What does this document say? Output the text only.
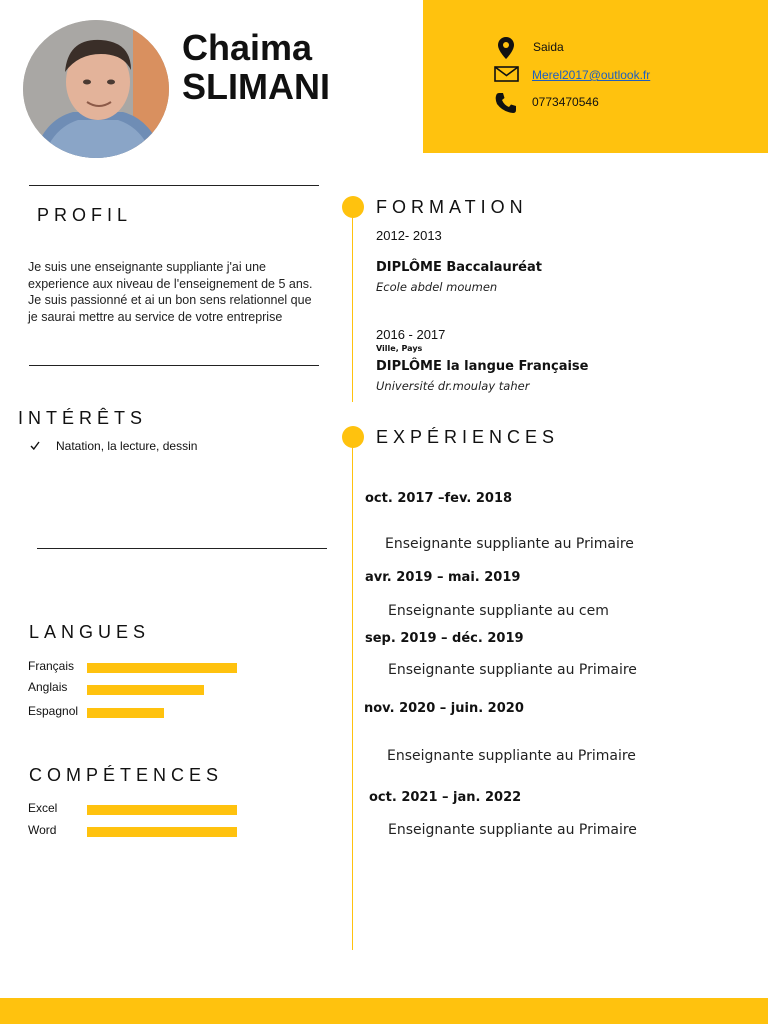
Chaima
SLIMANI
Saida
Merel2017@outlook.fr
0773470546
PROFIL
Je suis une enseignante suppliante j'ai une experience aux niveau de l'enseignement de 5 ans. Je suis passionné et ai un bon sens relationnel que je saurai mettre au service de votre entreprise
INTÉRÊTS
Natation, la lecture, dessin
LANGUES
Français
Anglais
Espagnol
COMPÉTENCES
Excel
Word
FORMATION
2012- 2013
DIPLÔME Baccalauréat
Ecole abdel moumen
2016 - 2017
Ville, Pays
DIPLÔME la langue Française
Université dr.moulay taher
EXPÉRIENCES
oct. 2017 –fev. 2018
Enseignante suppliante au Primaire
avr. 2019 – mai. 2019
Enseignante suppliante au cem
sep. 2019 – déc. 2019
Enseignante suppliante au Primaire
nov. 2020 – juin. 2020
Enseignante suppliante au Primaire
oct. 2021 – jan. 2022
Enseignante suppliante au Primaire
